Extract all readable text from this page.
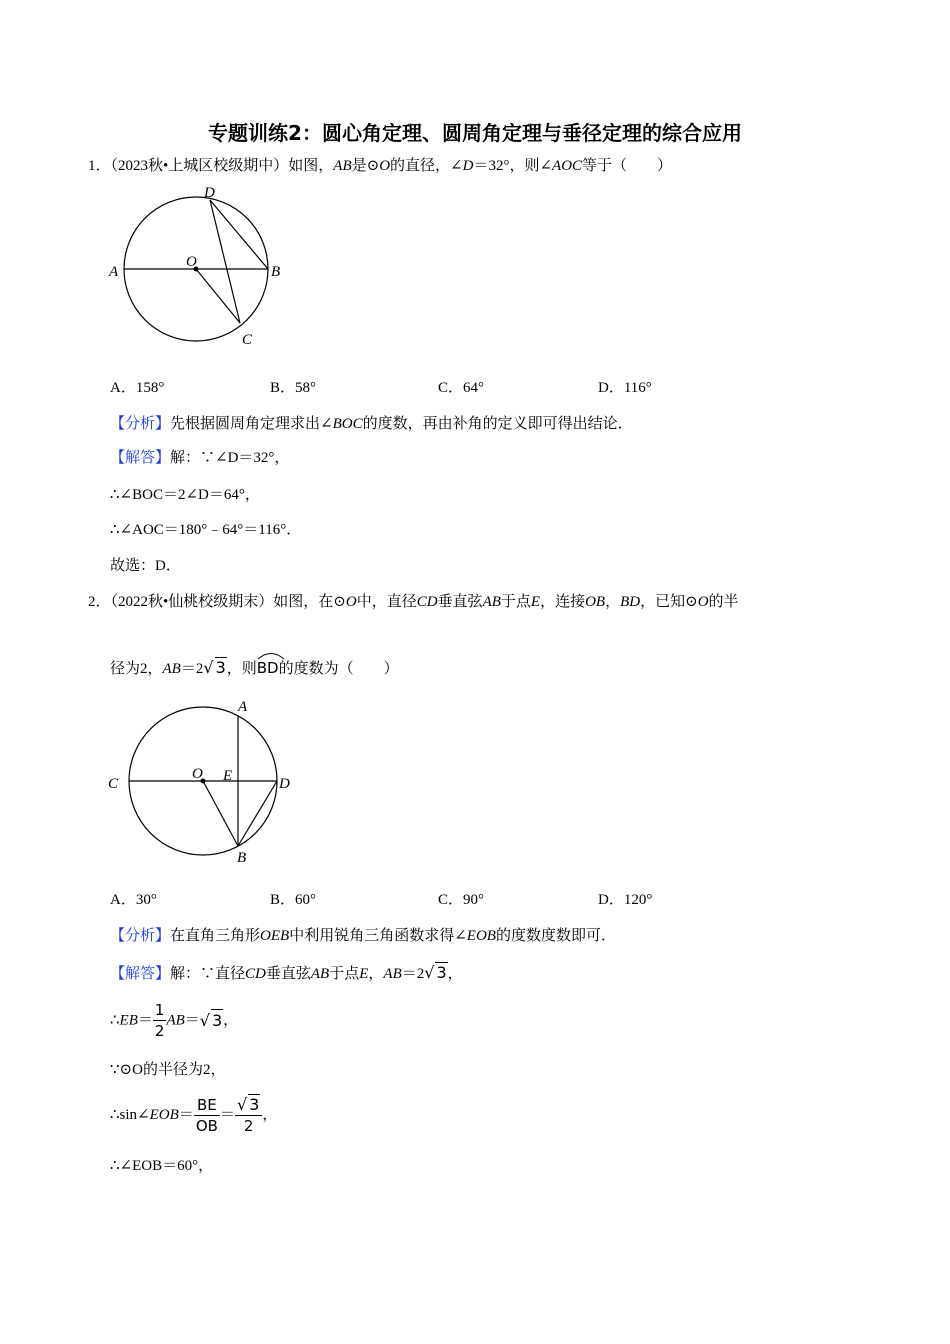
专题训练2：圆心角定理、圆周角定理与垂径定理的综合应用
1．（2023秋•上城区校级期中）如图，AB是⊙O的直径，∠D＝32°，则∠AOC等于（　　）
D
A
O
B
C
A．158°	B．58°	C．64°	D．116°
【分析】先根据圆周角定理求出∠BOC的度数，再由补角的定义即可得出结论．
【解答】解：∵∠D＝32°，
∴∠BOC＝2∠D＝64°，
∴∠AOC＝180°﹣64°＝116°．
故选：D．
2．（2022秋•仙桃校级期末）如图，在⊙O中，直径CD垂直弦AB于点E，连接OB，BD，已知⊙O的半
径为2，AB＝2√ 3，则
BD的度数为（　　）
A
C
O E	D
B
A．30°	B．60°	C．90°	D．120°
【分析】在直角三角形OEB中利用锐角三角函数求得∠EOB的度数度数即可．
【解答】解：∵直径CD垂直弦AB于点E，AB＝2√ 3，
∴EB＝ $\frac{1}{2} AB=√$ 3，
∵⊙O的半径为2，
∴sin∠EOB＝ $\frac{BE}{OB} = \frac{√ 3}{2}$ ，
∴∠EOB＝60°，
